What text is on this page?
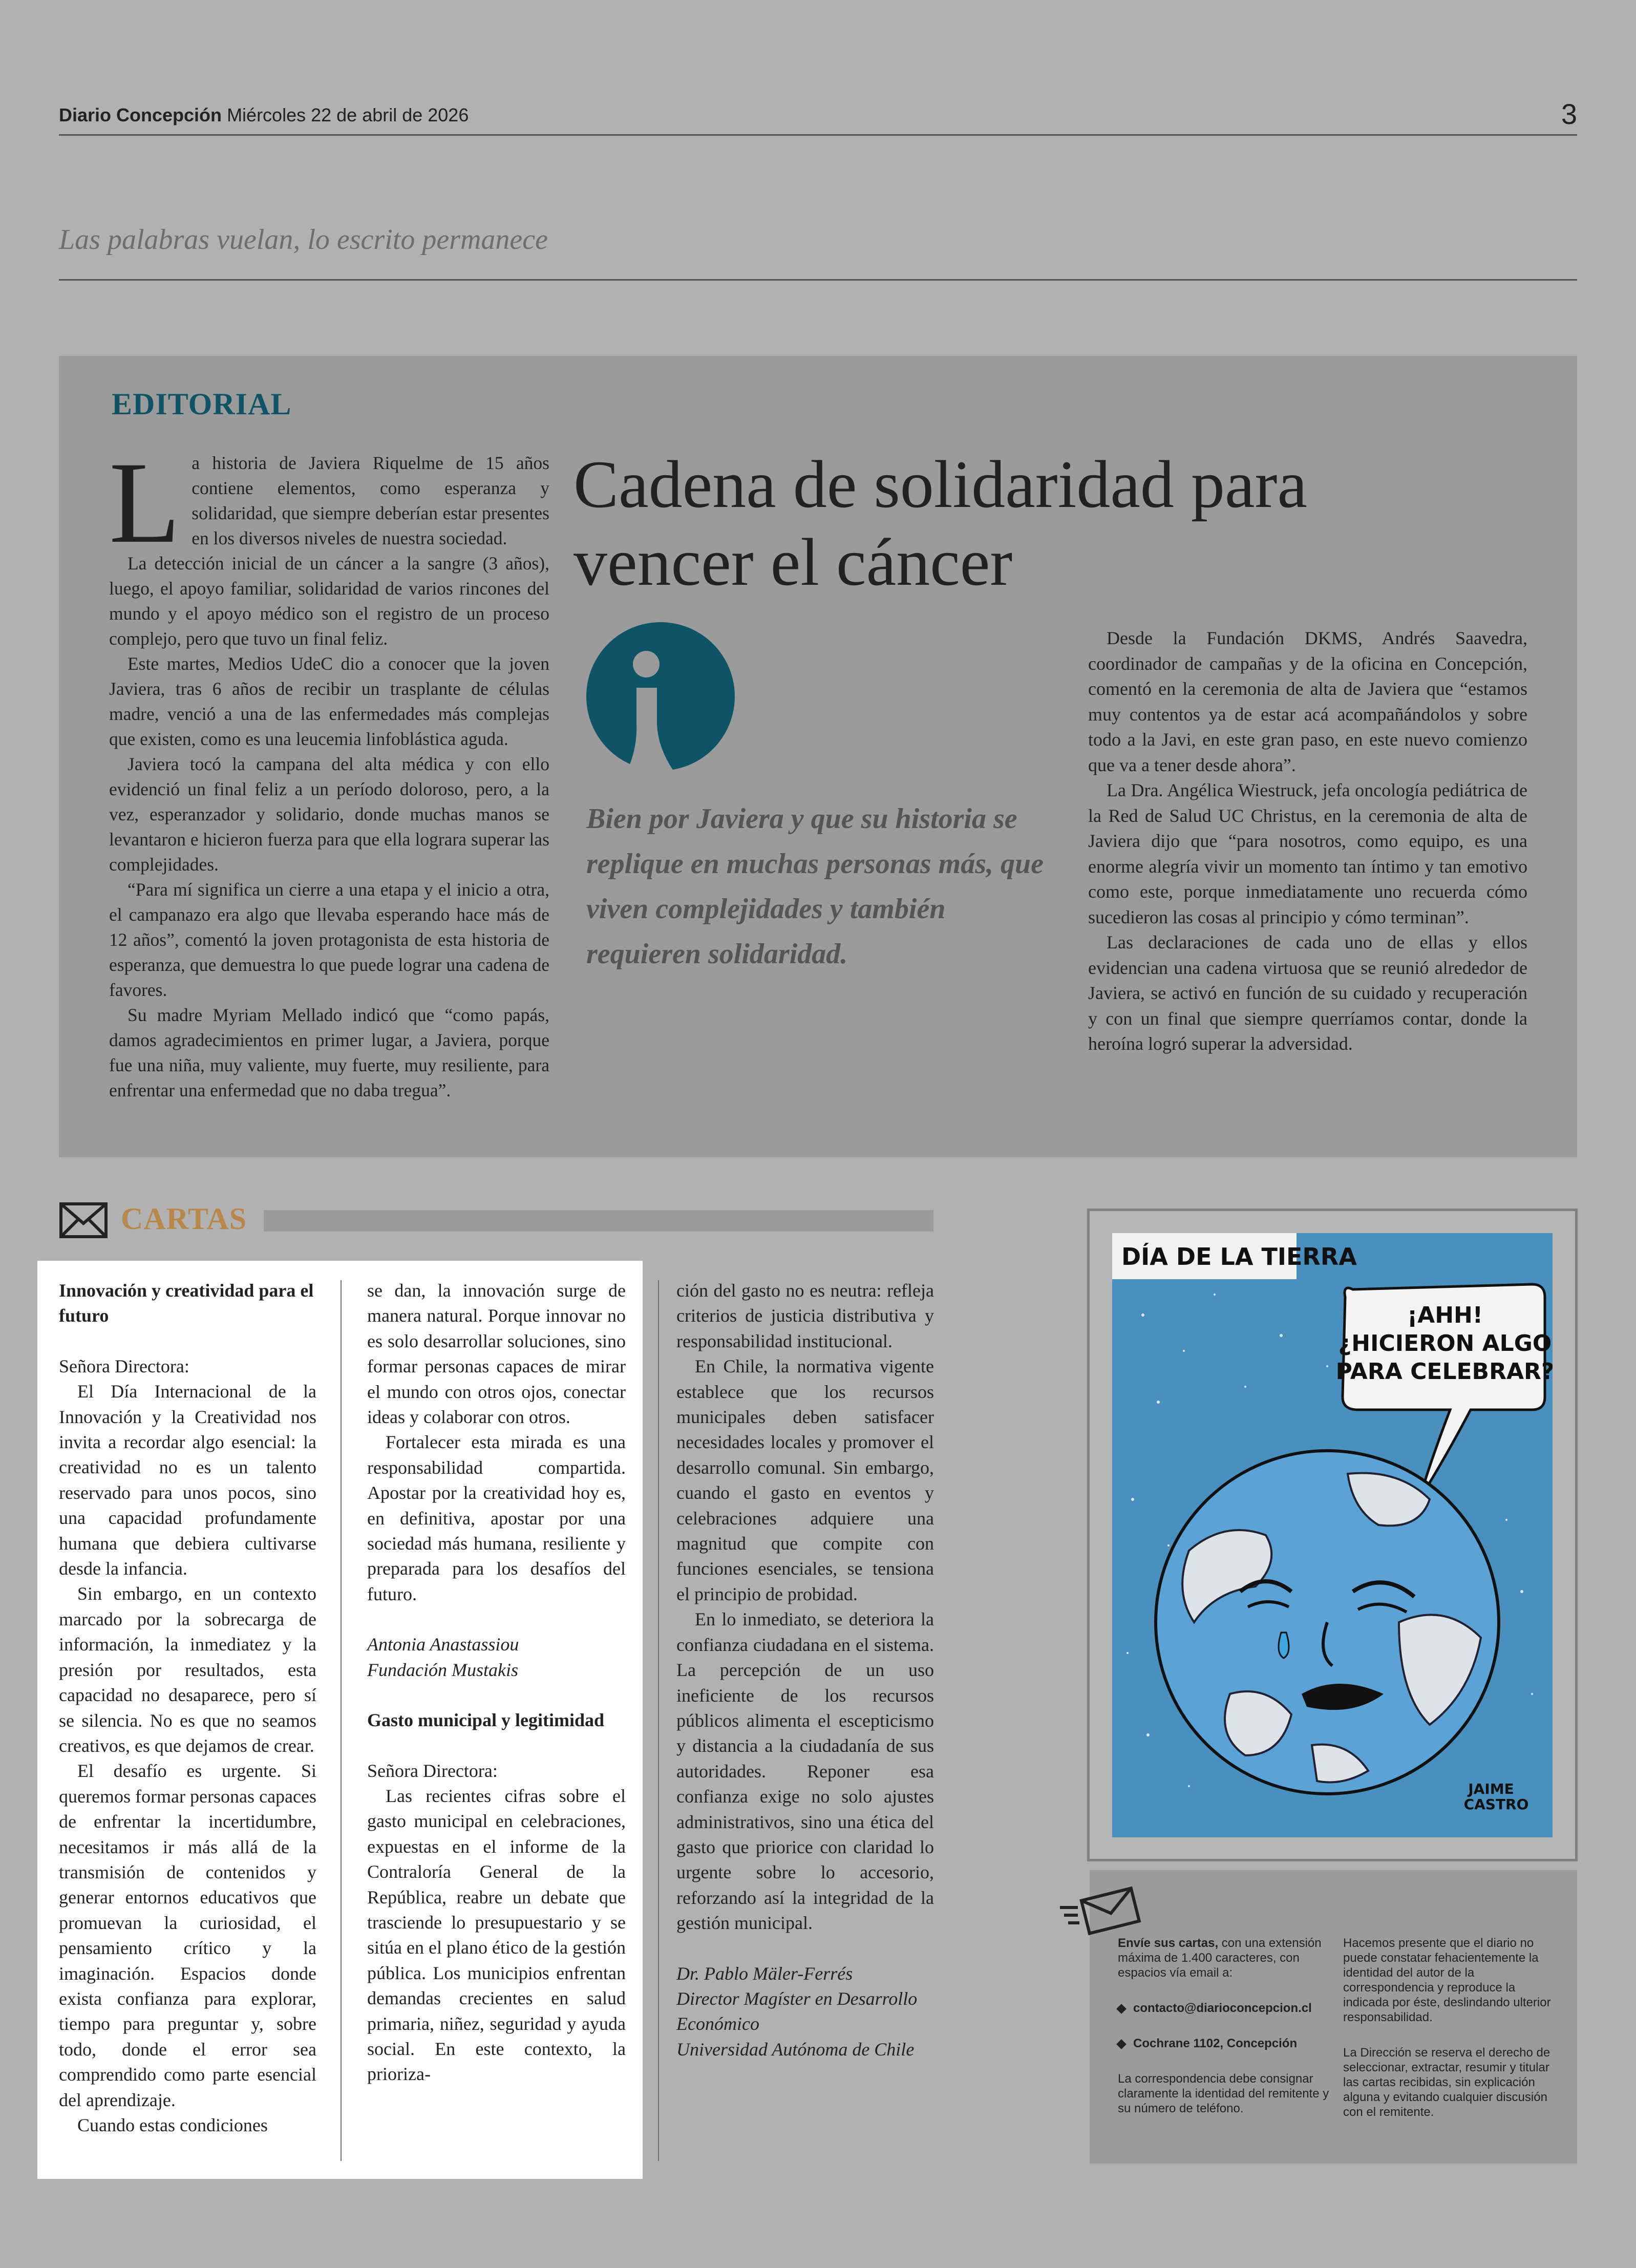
Diario Concepción Miércoles 22 de abril de 2026	3
Las palabras vuelan, lo escrito permanece
EDITORIAL

La historia de Javiera Riquelme de 15 años contiene elementos, como esperanza y solidaridad, que siempre deberían estar presentes en los diversos niveles de nuestra sociedad.

La detección inicial de un cáncer a la sangre (3 años), luego, el apoyo familiar, solidaridad de varios rincones del mundo y el apoyo médico son el registro de un proceso complejo, pero que tuvo un final feliz.

Este martes, Medios UdeC dio a conocer que la joven Javiera, tras 6 años de recibir un trasplante de células madre, venció a una de las enfermedades más complejas que existen, como es una leucemia linfoblástica aguda.

Javiera tocó la campana del alta médica y con ello evidenció un final feliz a un período doloroso, pero, a la vez, esperanzador y solidario, donde muchas manos se levantaron e hicieron fuerza para que ella lograra superar las complejidades.

“Para mí significa un cierre a una etapa y el inicio a otra, el campanazo era algo que llevaba esperando hace más de 12 años”, comentó la joven protagonista de esta historia de esperanza, que demuestra lo que puede lograr una cadena de favores.

Su madre Myriam Mellado indicó que “como papás, damos agradecimientos en primer lugar, a Javiera, porque fue una niña, muy valiente, muy fuerte, muy resiliente, para enfrentar una enfermedad que no daba tregua”.

Cadena de solidaridad para vencer el cáncer
Bien por Javiera y que su historia se replique en muchas personas más, que viven complejidades y también requieren solidaridad.

Desde la Fundación DKMS, Andrés Saavedra, coordinador de campañas y de la oficina en Concepción, comentó en la ceremonia de alta de Javiera que “estamos muy contentos ya de estar acá acompañándolos y sobre todo a la Javi, en este gran paso, en este nuevo comienzo que va a tener desde ahora”.

La Dra. Angélica Wiestruck, jefa oncología pediátrica de la Red de Salud UC Christus, en la ceremonia de alta de Javiera dijo que “para nosotros, como equipo, es una enorme alegría vivir un momento tan íntimo y tan emotivo como este, porque inmediatamente uno recuerda cómo sucedieron las cosas al principio y cómo terminan”.

Las declaraciones de cada uno de ellas y ellos evidencian una cadena virtuosa que se reunió alrededor de Javiera, se activó en función de su cuidado y recuperación y con un final que siempre querríamos contar, donde la heroína logró superar la adversidad.

CARTAS

Innovación y creatividad para el futuro

Señora Directora:

El Día Internacional de la Innovación y la Creatividad nos invita a recordar algo esencial: la creatividad no es un talento reservado para unos pocos, sino una capacidad profundamente humana que debiera cultivarse desde la infancia.

Sin embargo, en un contexto marcado por la sobrecarga de información, la inmediatez y la presión por resultados, esta capacidad no desaparece, pero sí se silencia. No es que no seamos creativos, es que dejamos de crear.

El desafío es urgente. Si queremos formar personas capaces de enfrentar la incertidumbre, necesitamos ir más allá de la transmisión de contenidos y generar entornos educativos que promuevan la curiosidad, el pensamiento crítico y la imaginación. Espacios donde exista confianza para explorar, tiempo para preguntar y, sobre todo, donde el error sea comprendido como parte esencial del aprendizaje.

Cuando estas condiciones

se dan, la innovación surge de manera natural. Porque innovar no es solo desarrollar soluciones, sino formar personas capaces de mirar el mundo con otros ojos, conectar ideas y colaborar con otros.

Fortalecer esta mirada es una responsabilidad compartida. Apostar por la creatividad hoy es, en definitiva, apostar por una sociedad más humana, resiliente y preparada para los desafíos del futuro.

Antonia Anastassiou

Fundación Mustakis

Gasto municipal y legitimidad

Señora Directora:

Las recientes cifras sobre el gasto municipal en celebraciones, expuestas en el informe de la Contraloría General de la República, reabre un debate que trasciende lo presupuestario y se sitúa en el plano ético de la gestión pública. Los municipios enfrentan demandas crecientes en salud primaria, niñez, seguridad y ayuda social. En este contexto, la prioriza-

ción del gasto no es neutra: refleja criterios de justicia distributiva y responsabilidad institucional.

En Chile, la normativa vigente establece que los recursos municipales deben satisfacer necesidades locales y promover el desarrollo comunal. Sin embargo, cuando el gasto en eventos y celebraciones adquiere una magnitud que compite con funciones esenciales, se tensiona el principio de probidad.

En lo inmediato, se deteriora la confianza ciudadana en el sistema. La percepción de un uso ineficiente de los recursos públicos alimenta el escepticismo y distancia a la ciudadanía de sus autoridades. Reponer esa confianza exige no solo ajustes administrativos, sino una ética del gasto que priorice con claridad lo urgente sobre lo accesorio, reforzando así la integridad de la gestión municipal.

Dr. Pablo Mäler-Ferrés

Director Magíster en Desarrollo Económico

Universidad Autónoma de Chile

DÍA DE LA TIERRA
¡AHH!
¿HICIERON ALGO
PARA CELEBRAR?
JAIME
CASTRO

Envíe sus cartas, con una extensión máxima de 1.400 caracteres, con espacios vía email a:

contacto@diarioconcepcion.cl

Cochrane 1102, Concepción

La correspondencia debe consignar claramente la identidad del remitente y su número de teléfono.

Hacemos presente que el diario no puede constatar fehacientemente la identidad del autor de la correspondencia y reproduce la indicada por éste, deslindando ulterior responsabilidad.

La Dirección se reserva el derecho de seleccionar, extractar, resumir y titular las cartas recibidas, sin explicación alguna y evitando cualquier discusión con el remitente.
